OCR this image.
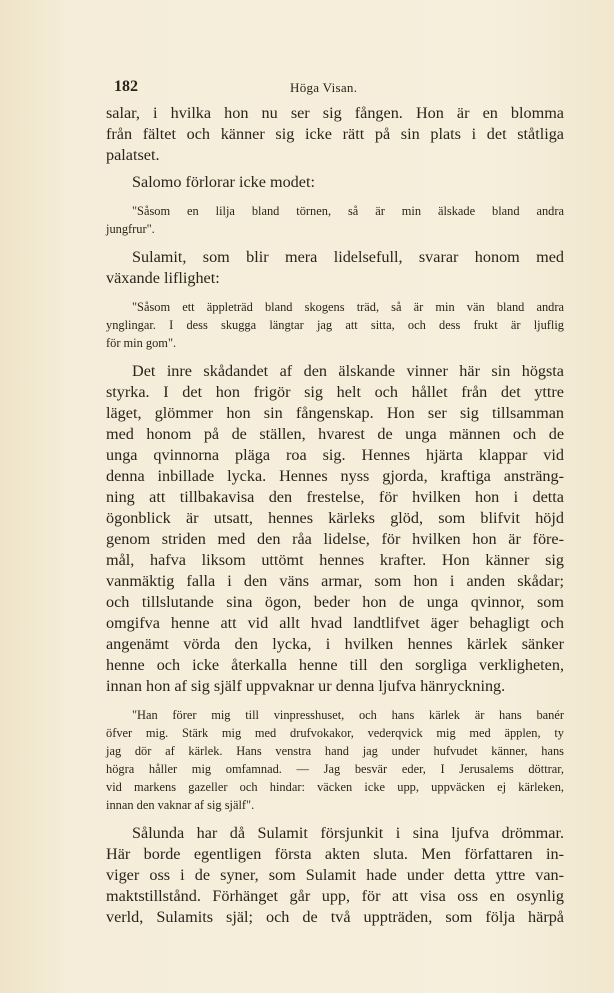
182	Höga Visan.
salar, i hvilka hon nu ser sig fången. Hon är en blomma
från fältet och känner sig icke rätt på sin plats i det ståtliga
palatset.
Salomo förlorar icke modet:
"Såsom en lilja bland törnen, så är min älskade bland andra
jungfrur".
Sulamit, som blir mera lidelsefull, svarar honom med
växande liflighet:
"Såsom ett äppleträd bland skogens träd, så är min vän bland andra
ynglingar. I dess skugga längtar jag att sitta, och dess frukt är ljuflig
för min gom".
Det inre skådandet af den älskande vinner här sin högsta
styrka. I det hon frigör sig helt och hållet från det yttre
läget, glömmer hon sin fångenskap. Hon ser sig tillsamman
med honom på de ställen, hvarest de unga männen och de
unga qvinnorna pläga roa sig. Hennes hjärta klappar vid
denna inbillade lycka. Hennes nyss gjorda, kraftiga ansträng-
ning att tillbakavisa den frestelse, för hvilken hon i detta
ögonblick är utsatt, hennes kärleks glöd, som blifvit höjd
genom striden med den råa lidelse, för hvilken hon är före-
mål, hafva liksom uttömt hennes krafter. Hon känner sig
vanmäktig falla i den väns armar, som hon i anden skådar;
och tillslutande sina ögon, beder hon de unga qvinnor, som
omgifva henne att vid allt hvad landtlifvet äger behagligt och
angenämt vörda den lycka, i hvilken hennes kärlek sänker
henne och icke återkalla henne till den sorgliga verkligheten,
innan hon af sig själf uppvaknar ur denna ljufva hänryckning.
"Han förer mig till vinpresshuset, och hans kärlek är hans banér
öfver mig. Stärk mig med drufvokakor, vederqvick mig med äpplen, ty
jag dör af kärlek. Hans venstra hand jag under hufvudet känner, hans
högra håller mig omfamnad. — Jag besvär eder, I Jerusalems döttrar,
vid markens gazeller och hindar: väcken icke upp, uppväcken ej kärleken,
innan den vaknar af sig själf".
Sålunda har då Sulamit försjunkit i sina ljufva drömmar.
Här borde egentligen första akten sluta. Men författaren in-
viger oss i de syner, som Sulamit hade under detta yttre van-
maktstillstånd. Förhänget går upp, för att visa oss en osynlig
verld, Sulamits själ; och de två uppträden, som följa härpå
